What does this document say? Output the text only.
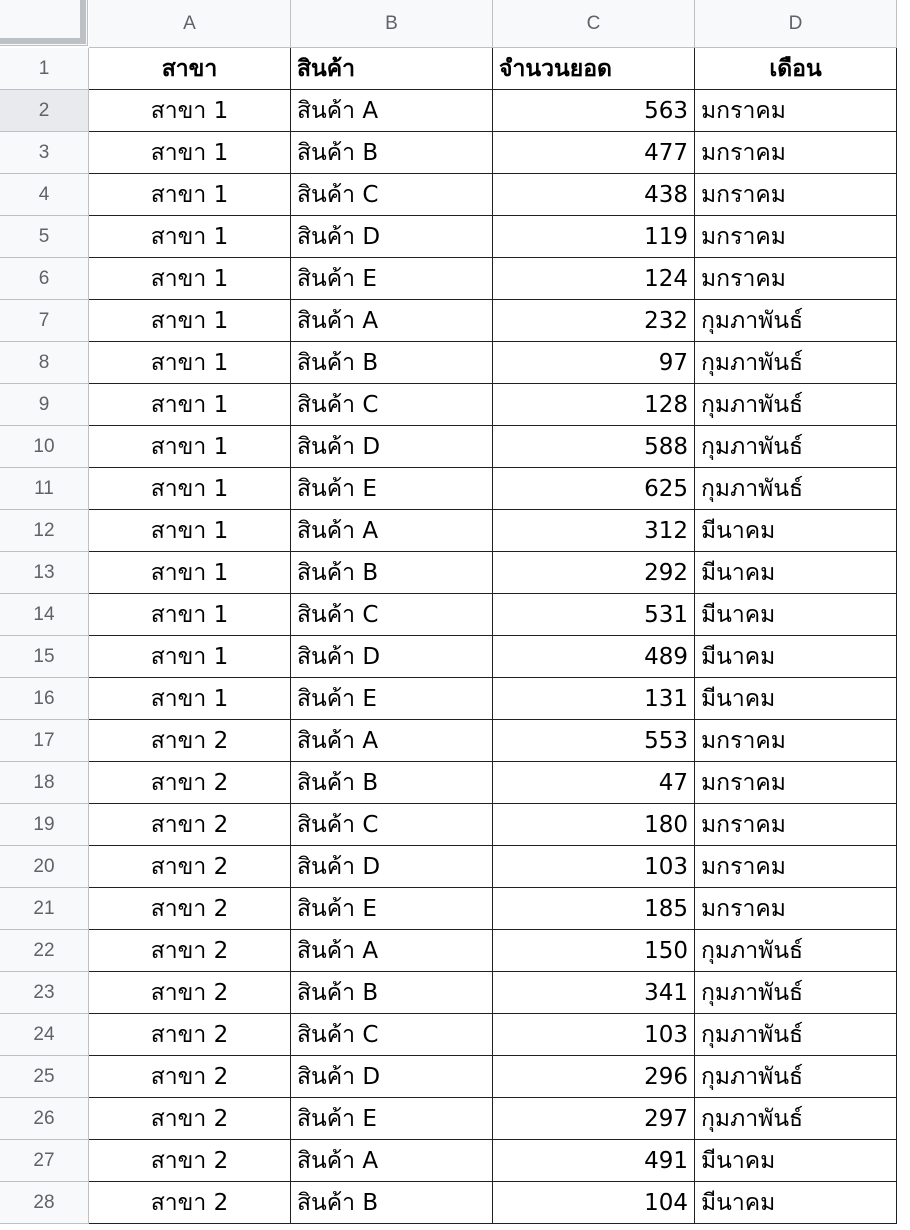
A	B	C	D
1	สาขา	สินค้า	จำนวนยอด	เดือน
2	สาขา 1	สินค้า A	563 มกราคม
3	สาขา 1	สินค้า B	477 มกราคม
4	สาขา 1	สินค้า C	438 มกราคม
5	สาขา 1	สินค้า D	119 มกราคม
6	สาขา 1	สินค้า E	124 มกราคม
7	สาขา 1	สินค้า A	232 กุมภาพันธ์
8	สาขา 1	สินค้า B	97 กุมภาพันธ์
9	สาขา 1	สินค้า C	128 กุมภาพันธ์
10	สาขา 1	สินค้า D	588 กุมภาพันธ์
11	สาขา 1	สินค้า E	625 กุมภาพันธ์
12	สาขา 1	สินค้า A	312 มีนาคม
13	สาขา 1	สินค้า B	292 มีนาคม
14	สาขา 1	สินค้า C	531 มีนาคม
15	สาขา 1	สินค้า D	489 มีนาคม
16	สาขา 1	สินค้า E	131 มีนาคม
17	สาขา 2	สินค้า A	553 มกราคม
18	สาขา 2	สินค้า B	47 มกราคม
19	สาขา 2	สินค้า C	180 มกราคม
20	สาขา 2	สินค้า D	103 มกราคม
21	สาขา 2	สินค้า E	185 มกราคม
22	สาขา 2	สินค้า A	150 กุมภาพันธ์
23	สาขา 2	สินค้า B	341 กุมภาพันธ์
24	สาขา 2	สินค้า C	103 กุมภาพันธ์
25	สาขา 2	สินค้า D	296 กุมภาพันธ์
26	สาขา 2	สินค้า E	297 กุมภาพันธ์
27	สาขา 2	สินค้า A	491 มีนาคม
28	สาขา 2	สินค้า B	104 มีนาคม
